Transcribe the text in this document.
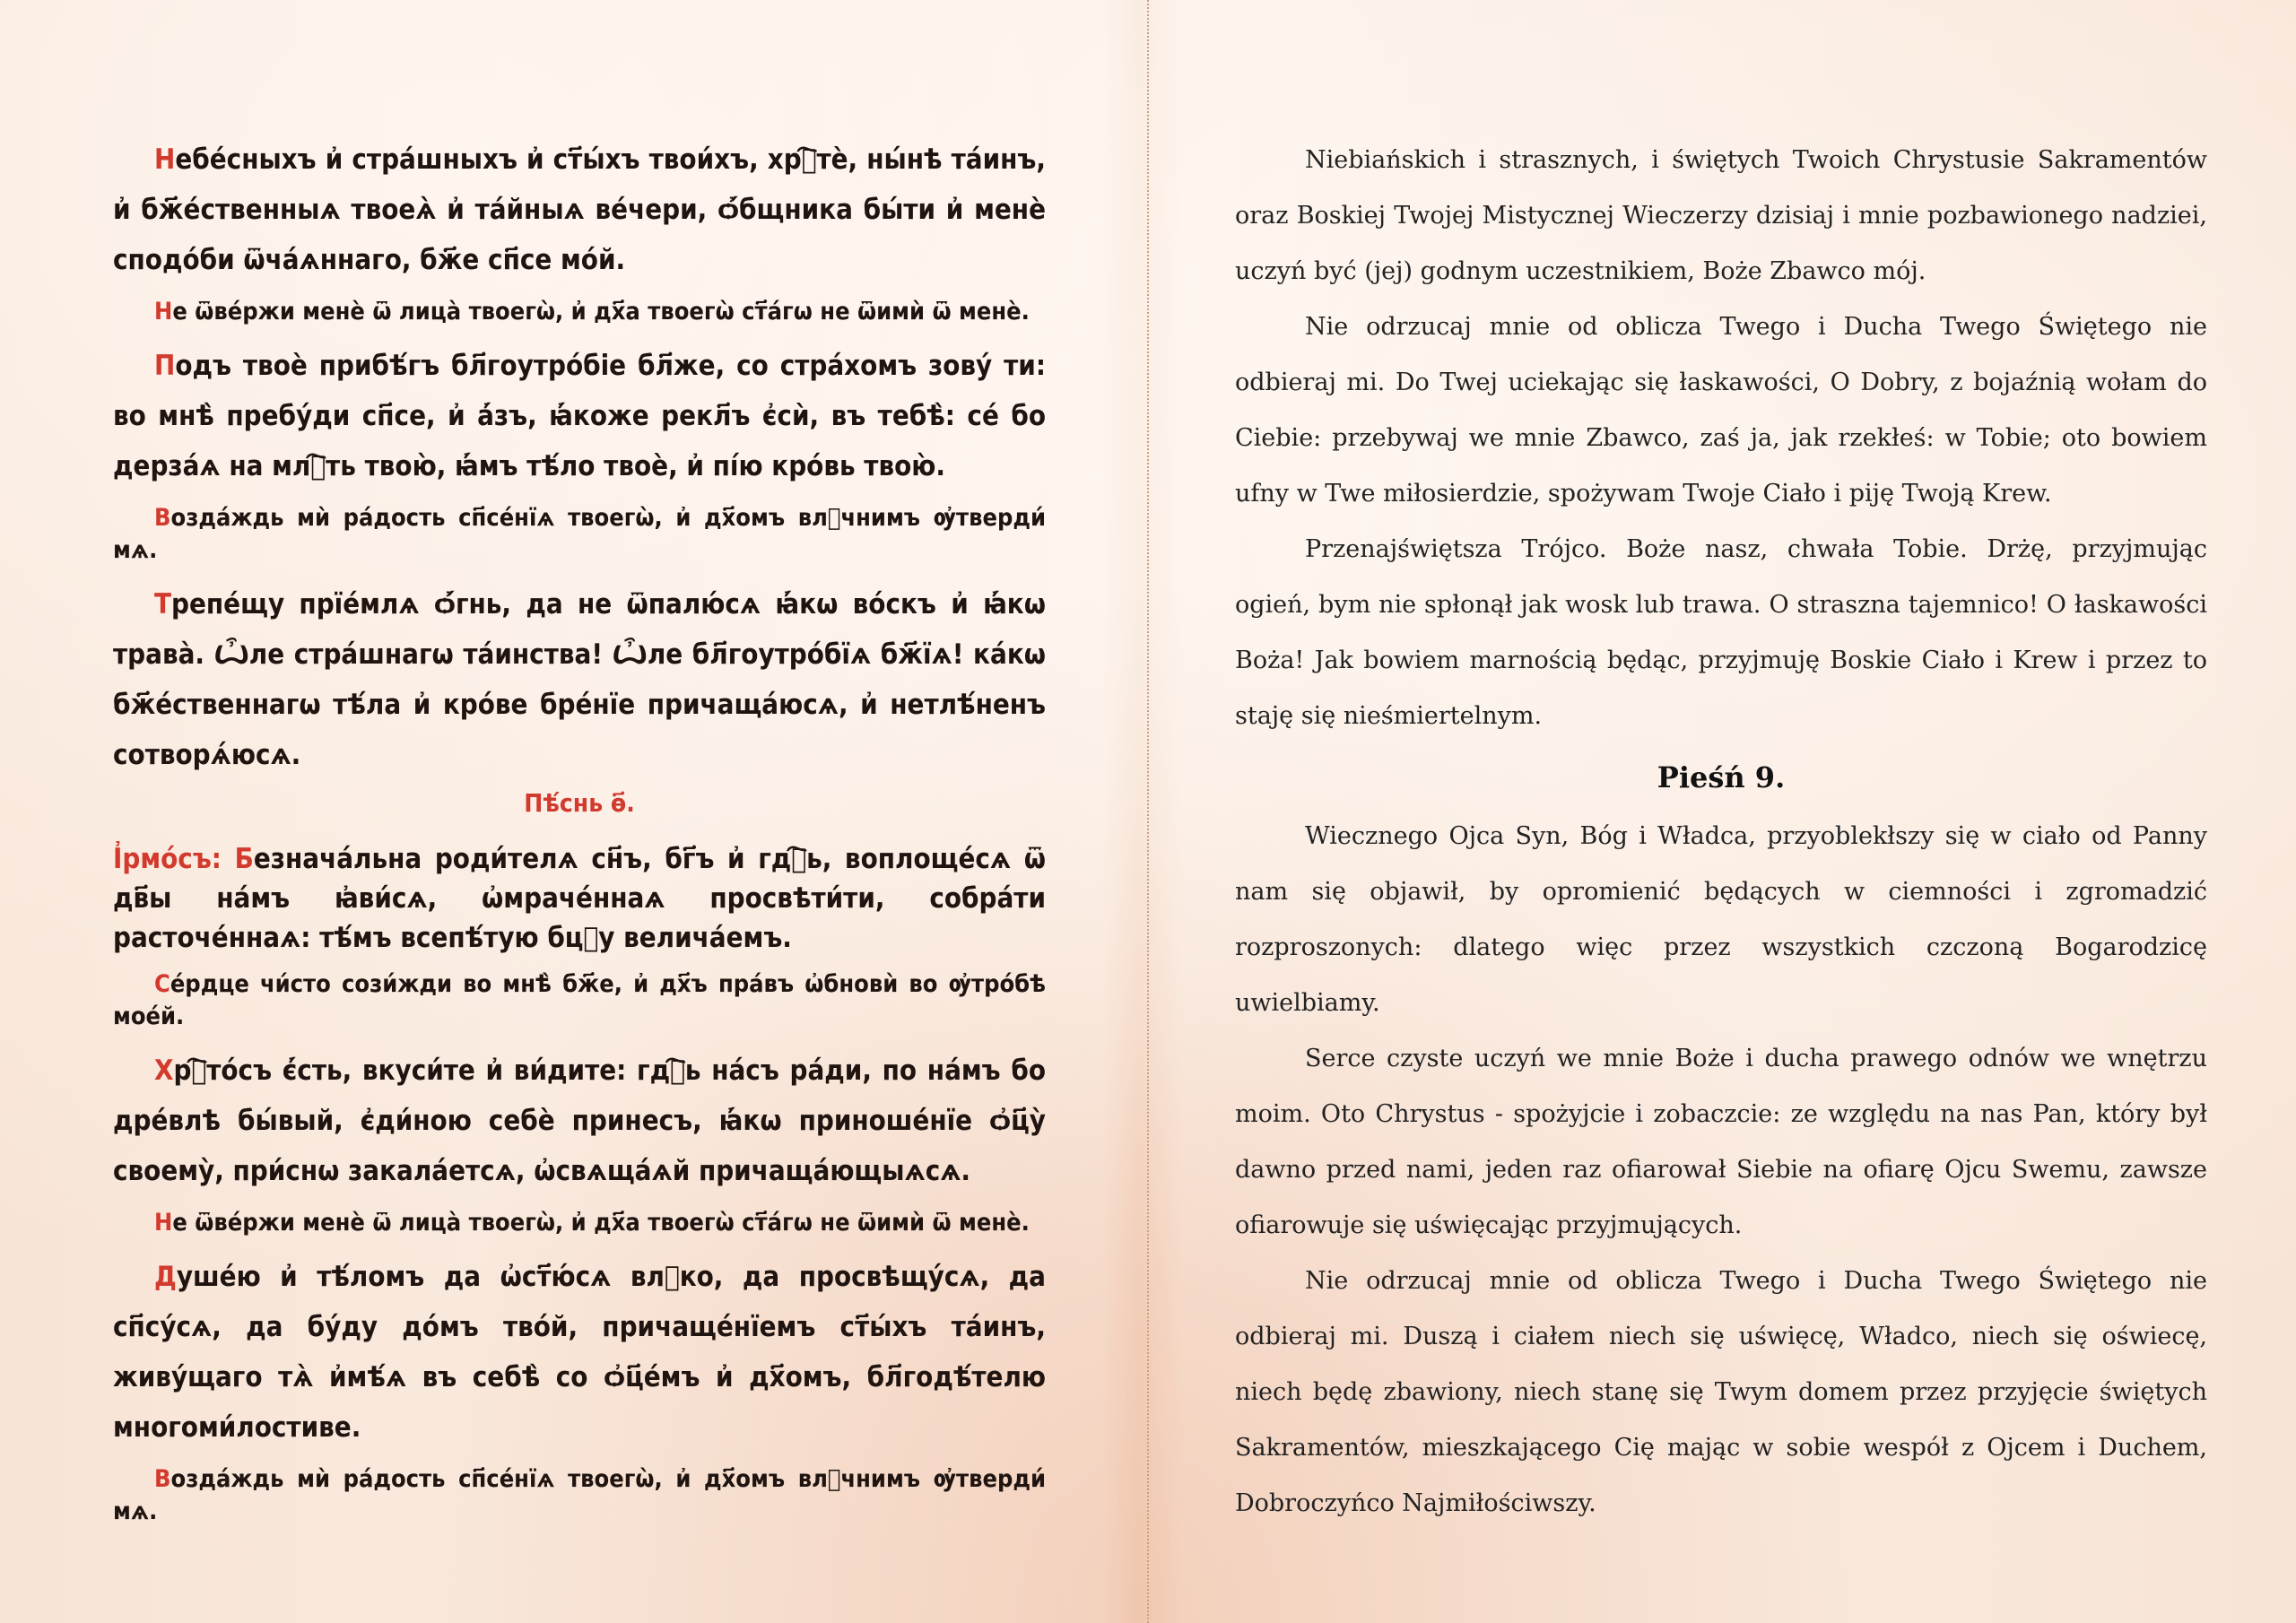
Небе́сныхъ и҆ стра́шныхъ и҆ ст҃ы́хъ твои́хъ, хрⷭ҇тѐ, ны́нѣ та́инъ, и҆ бж҃е́ственныѧ твоеѧ̀ и҆ та́йныѧ ве́чери, ѻ҆́бщника бы́ти и҆ менѐ сподо́би ѿча́ѧннаго, бж҃е сп҃се мо́й.

Не ѿве́ржи менѐ ѿ лица̀ твоегѡ̀, и҆ дх҃а твоегѡ̀ ст҃а́гѡ не ѿимѝ ѿ менѐ.

Подъ твоѐ прибѣ́гъ бл҃гоутро́біе бл҃же, со стра́хомъ зову́ ти: во мнѣ̀ пребу́ди сп҃се, и҆ а҆́зъ, ꙗ҆́коже рекл҃ъ є҆сѝ, въ тебѣ̀: се́ бо дерза́ѧ на млⷭ҇ть твою̀, ꙗ҆́мъ тѣ́ло твоѐ, и҆ пі́ю кро́вь твою̀.

Возда́ждь мѝ ра́дость сп҃се́нїѧ твоегѡ̀, и҆ дх҃омъ влⷣчнимъ ѹ҆тверди́ мѧ.

Трепе́щу прїе́млѧ ѻ҆́гнь, да не ѿпалю́сѧ ꙗ҆́кѡ во́скъ и҆ ꙗ҆́кѡ трава̀. Ѽле стра́шнагѡ та́инства! Ѽле бл҃гоутро́бїѧ бж҃їѧ! ка́кѡ бж҃е́ственнагѡ тѣ́ла и҆ кро́ве бре́нїе причаща́юсѧ, и҆ нетлѣ́ненъ сотворѧ́юсѧ.

Пѣ́снь ѳ҃.

І҆рмо́съ: Безнача́льна роди́телѧ сн҃ъ, бг҃ъ и҆ гдⷭ҇ь, воплоще́сѧ ѿ дв҃ы на́мъ ꙗ҆ви́сѧ, ѡ҆мраче́ннаѧ просвѣти́ти, собра́ти расточе́ннаѧ: тѣ́мъ всепѣ́тую бцⷣу велича́емъ.

Се́рдце чи́сто сози́жди во мнѣ̀ бж҃е, и҆ дх҃ъ пра́въ ѡ҆бновѝ во ѹ҆тро́бѣ мое́й.

Хрⷭ҇то́съ є҆́сть, вкуси́те и҆ ви́дите: гдⷭ҇ь на́съ ра́ди, по на́мъ бо дре́влѣ бы́вый, є҆ди́ною себѐ принесъ, ꙗ҆́кѡ приноше́нїе ѻ҆ц҃у̀ своему̀, при́снѡ закала́етсѧ, ѡ҆свѧща́ѧй причаща́ющыѧсѧ.

Не ѿве́ржи менѐ ѿ лица̀ твоегѡ̀, и҆ дх҃а твоегѡ̀ ст҃а́гѡ не ѿимѝ ѿ менѐ.

Душе́ю и҆ тѣ́ломъ да ѡ҆ст҃ю́сѧ влⷣко, да просвѣщу́сѧ, да сп҃су́сѧ, да бу́ду до́мъ тво́й, причаще́нїемъ ст҃ы́хъ та́инъ, живу́щаго тѧ̀ и҆мѣ́ѧ въ себѣ̀ со ѻ҆ц҃е́мъ и҆ дх҃омъ, бл҃годѣ́телю многоми́лостиве.

Возда́ждь мѝ ра́дость сп҃се́нїѧ твоегѡ̀, и҆ дх҃омъ влⷣчнимъ ѹ҆тверди́ мѧ.

Niebiańskich i strasznych, i świętych Twoich Chrystusie Sakramentów oraz Boskiej Twojej Mistycznej Wieczerzy dzisiaj i mnie pozbawionego nadziei, uczyń być (jej) godnym uczestnikiem, Boże Zbawco mój.

Nie odrzucaj mnie od oblicza Twego i Ducha Twego Świętego nie odbieraj mi. Do Twej uciekając się łaskawości, O Dobry, z bojaźnią wołam do Ciebie: przebywaj we mnie Zbawco, zaś ja, jak rzekłeś: w Tobie; oto bowiem ufny w Twe miłosierdzie, spożywam Twoje Ciało i piję Twoją Krew.

Przenajświętsza Trójco. Boże nasz, chwała Tobie. Drżę, przyjmując ogień, bym nie spłonął jak wosk lub trawa. O straszna tajemnico! O łaskawości Boża! Jak bowiem marnością będąc, przyjmuję Boskie Ciało i Krew i przez to staję się nieśmiertelnym.

Pieśń 9.

Wiecznego Ojca Syn, Bóg i Władca, przyoblekłszy się w ciało od Panny nam się objawił, by opromienić będących w ciemności i zgromadzić rozproszonych: dlatego więc przez wszystkich czczoną Bogarodzicę uwielbiamy.

Serce czyste uczyń we mnie Boże i ducha prawego odnów we wnętrzu moim. Oto Chrystus - spożyjcie i zobaczcie: ze względu na nas Pan, który był dawno przed nami, jeden raz ofiarował Siebie na ofiarę Ojcu Swemu, zawsze ofiarowuje się uświęcając przyjmujących.

Nie odrzucaj mnie od oblicza Twego i Ducha Twego Świętego nie odbieraj mi. Duszą i ciałem niech się uświęcę, Władco, niech się oświecę, niech będę zbawiony, niech stanę się Twym domem przez przyjęcie świętych Sakramentów, mieszkającego Cię mając w sobie wespół z Ojcem i Duchem, Dobroczyńco Najmiłościwszy.
